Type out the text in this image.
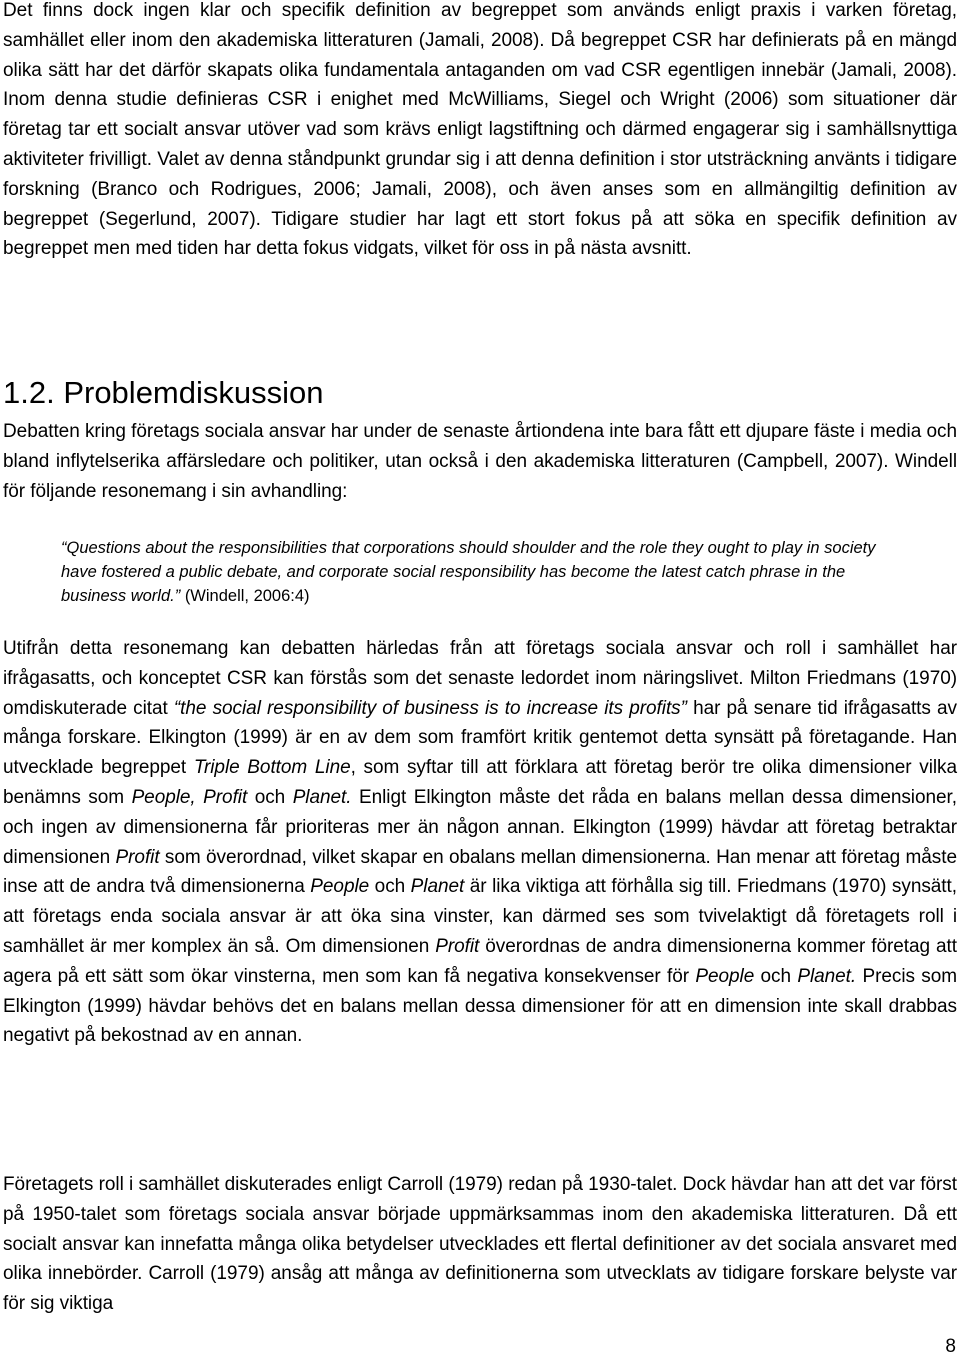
Det finns dock ingen klar och specifik definition av begreppet som används enligt praxis i varken företag, samhället eller inom den akademiska litteraturen (Jamali, 2008). Då begreppet CSR har definierats på en mängd olika sätt har det därför skapats olika fundamentala antaganden om vad CSR egentligen innebär (Jamali, 2008). Inom denna studie definieras CSR i enighet med McWilliams, Siegel och Wright (2006) som situationer där företag tar ett socialt ansvar utöver vad som krävs enligt lagstiftning och därmed engagerar sig i samhällsnyttiga aktiviteter frivilligt. Valet av denna ståndpunkt grundar sig i att denna definition i stor utsträckning använts i tidigare forskning (Branco och Rodrigues, 2006; Jamali, 2008), och även anses som en allmängiltig definition av begreppet (Segerlund, 2007). Tidigare studier har lagt ett stort fokus på att söka en specifik definition av begreppet men med tiden har detta fokus vidgats, vilket för oss in på nästa avsnitt.

1.2. Problemdiskussion

Debatten kring företags sociala ansvar har under de senaste årtiondena inte bara fått ett djupare fäste i media och bland inflytelserika affärsledare och politiker, utan också i den akademiska litteraturen (Campbell, 2007). Windell för följande resonemang i sin avhandling:

“Questions about the responsibilities that corporations should shoulder and the role they ought to play in society have fostered a public debate, and corporate social responsibility has become the latest catch phrase in the business world.” (Windell, 2006:4)

Utifrån detta resonemang kan debatten härledas från att företags sociala ansvar och roll i samhället har ifrågasatts, och konceptet CSR kan förstås som det senaste ledordet inom näringslivet. Milton Friedmans (1970) omdiskuterade citat “the social responsibility of business is to increase its profits” har på senare tid ifrågasatts av många forskare. Elkington (1999) är en av dem som framfört kritik gentemot detta synsätt på företagande. Han utvecklade begreppet Triple Bottom Line, som syftar till att förklara att företag berör tre olika dimensioner vilka benämns som People, Profit och Planet. Enligt Elkington måste det råda en balans mellan dessa dimensioner, och ingen av dimensionerna får prioriteras mer än någon annan. Elkington (1999) hävdar att företag betraktar dimensionen Profit som överordnad, vilket skapar en obalans mellan dimensionerna. Han menar att företag måste inse att de andra två dimensionerna People och Planet är lika viktiga att förhålla sig till. Friedmans (1970) synsätt, att företags enda sociala ansvar är att öka sina vinster, kan därmed ses som tvivelaktigt då företagets roll i samhället är mer komplex än så. Om dimensionen Profit överordnas de andra dimensionerna kommer företag att agera på ett sätt som ökar vinsterna, men som kan få negativa konsekvenser för People och Planet. Precis som Elkington (1999) hävdar behövs det en balans mellan dessa dimensioner för att en dimension inte skall drabbas negativt på bekostnad av en annan.

Företagets roll i samhället diskuterades enligt Carroll (1979) redan på 1930-talet. Dock hävdar han att det var först på 1950-talet som företags sociala ansvar började uppmärksammas inom den akademiska litteraturen. Då ett socialt ansvar kan innefatta många olika betydelser utvecklades ett flertal definitioner av det sociala ansvaret med olika innebörder. Carroll (1979) ansåg att många av definitionerna som utvecklats av tidigare forskare belyste var för sig viktiga

8
